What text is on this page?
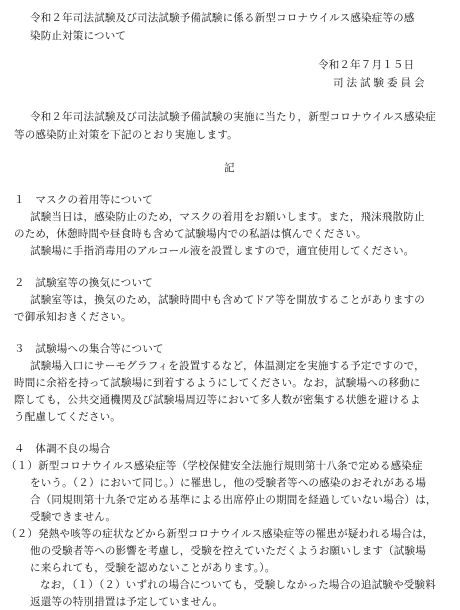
令和２年司法試験及び司法試験予備試験に係る新型コロナウイルス感染症等の感
染防止対策について
令和２年７月１５日
司法試験委員会
令和２年司法試験及び司法試験予備試験の実施に当たり，新型コロナウイルス感染症
等の感染防止対策を下記のとおり実施します。
記
１　マスクの着用等について
試験当日は，感染防止のため，マスクの着用をお願いします。また，飛沫飛散防止
のため，休憩時間や昼食時も含めて試験場内での私語は慎んでください。
試験場に手指消毒用のアルコール液を設置しますので，適宜使用してください。
２　試験室等の換気について
試験室等は，換気のため，試験時間中も含めてドア等を開放することがありますの
で御承知おきください。
３　試験場への集合等について
試験場入口にサーモグラフィを設置するなど，体温測定を実施する予定ですので，
時間に余裕を持って試験場に到着するようにしてください。なお，試験場への移動に
際しても，公共交通機関及び試験場周辺等において多人数が密集する状態を避けるよ
う配慮してください。
４　体調不良の場合
（１）新型コロナウイルス感染症等（学校保健安全法施行規則第十八条で定める感染症
をいう。（２）において同じ。）に罹患し，他の受験者等への感染のおそれがある場
合（同規則第十九条で定める基準による出席停止の期間を経過していない場合）は，
受験できません。
（２）発熱や咳等の症状などから新型コロナウイルス感染症等の罹患が疑われる場合は，
他の受験者等への影響を考慮し，受験を控えていただくようお願いします（試験場
に来られても，受験を認めないことがあります。）。
なお，（１）（２）いずれの場合についても，受験しなかった場合の追試験や受験料
返還等の特別措置は予定していません。
